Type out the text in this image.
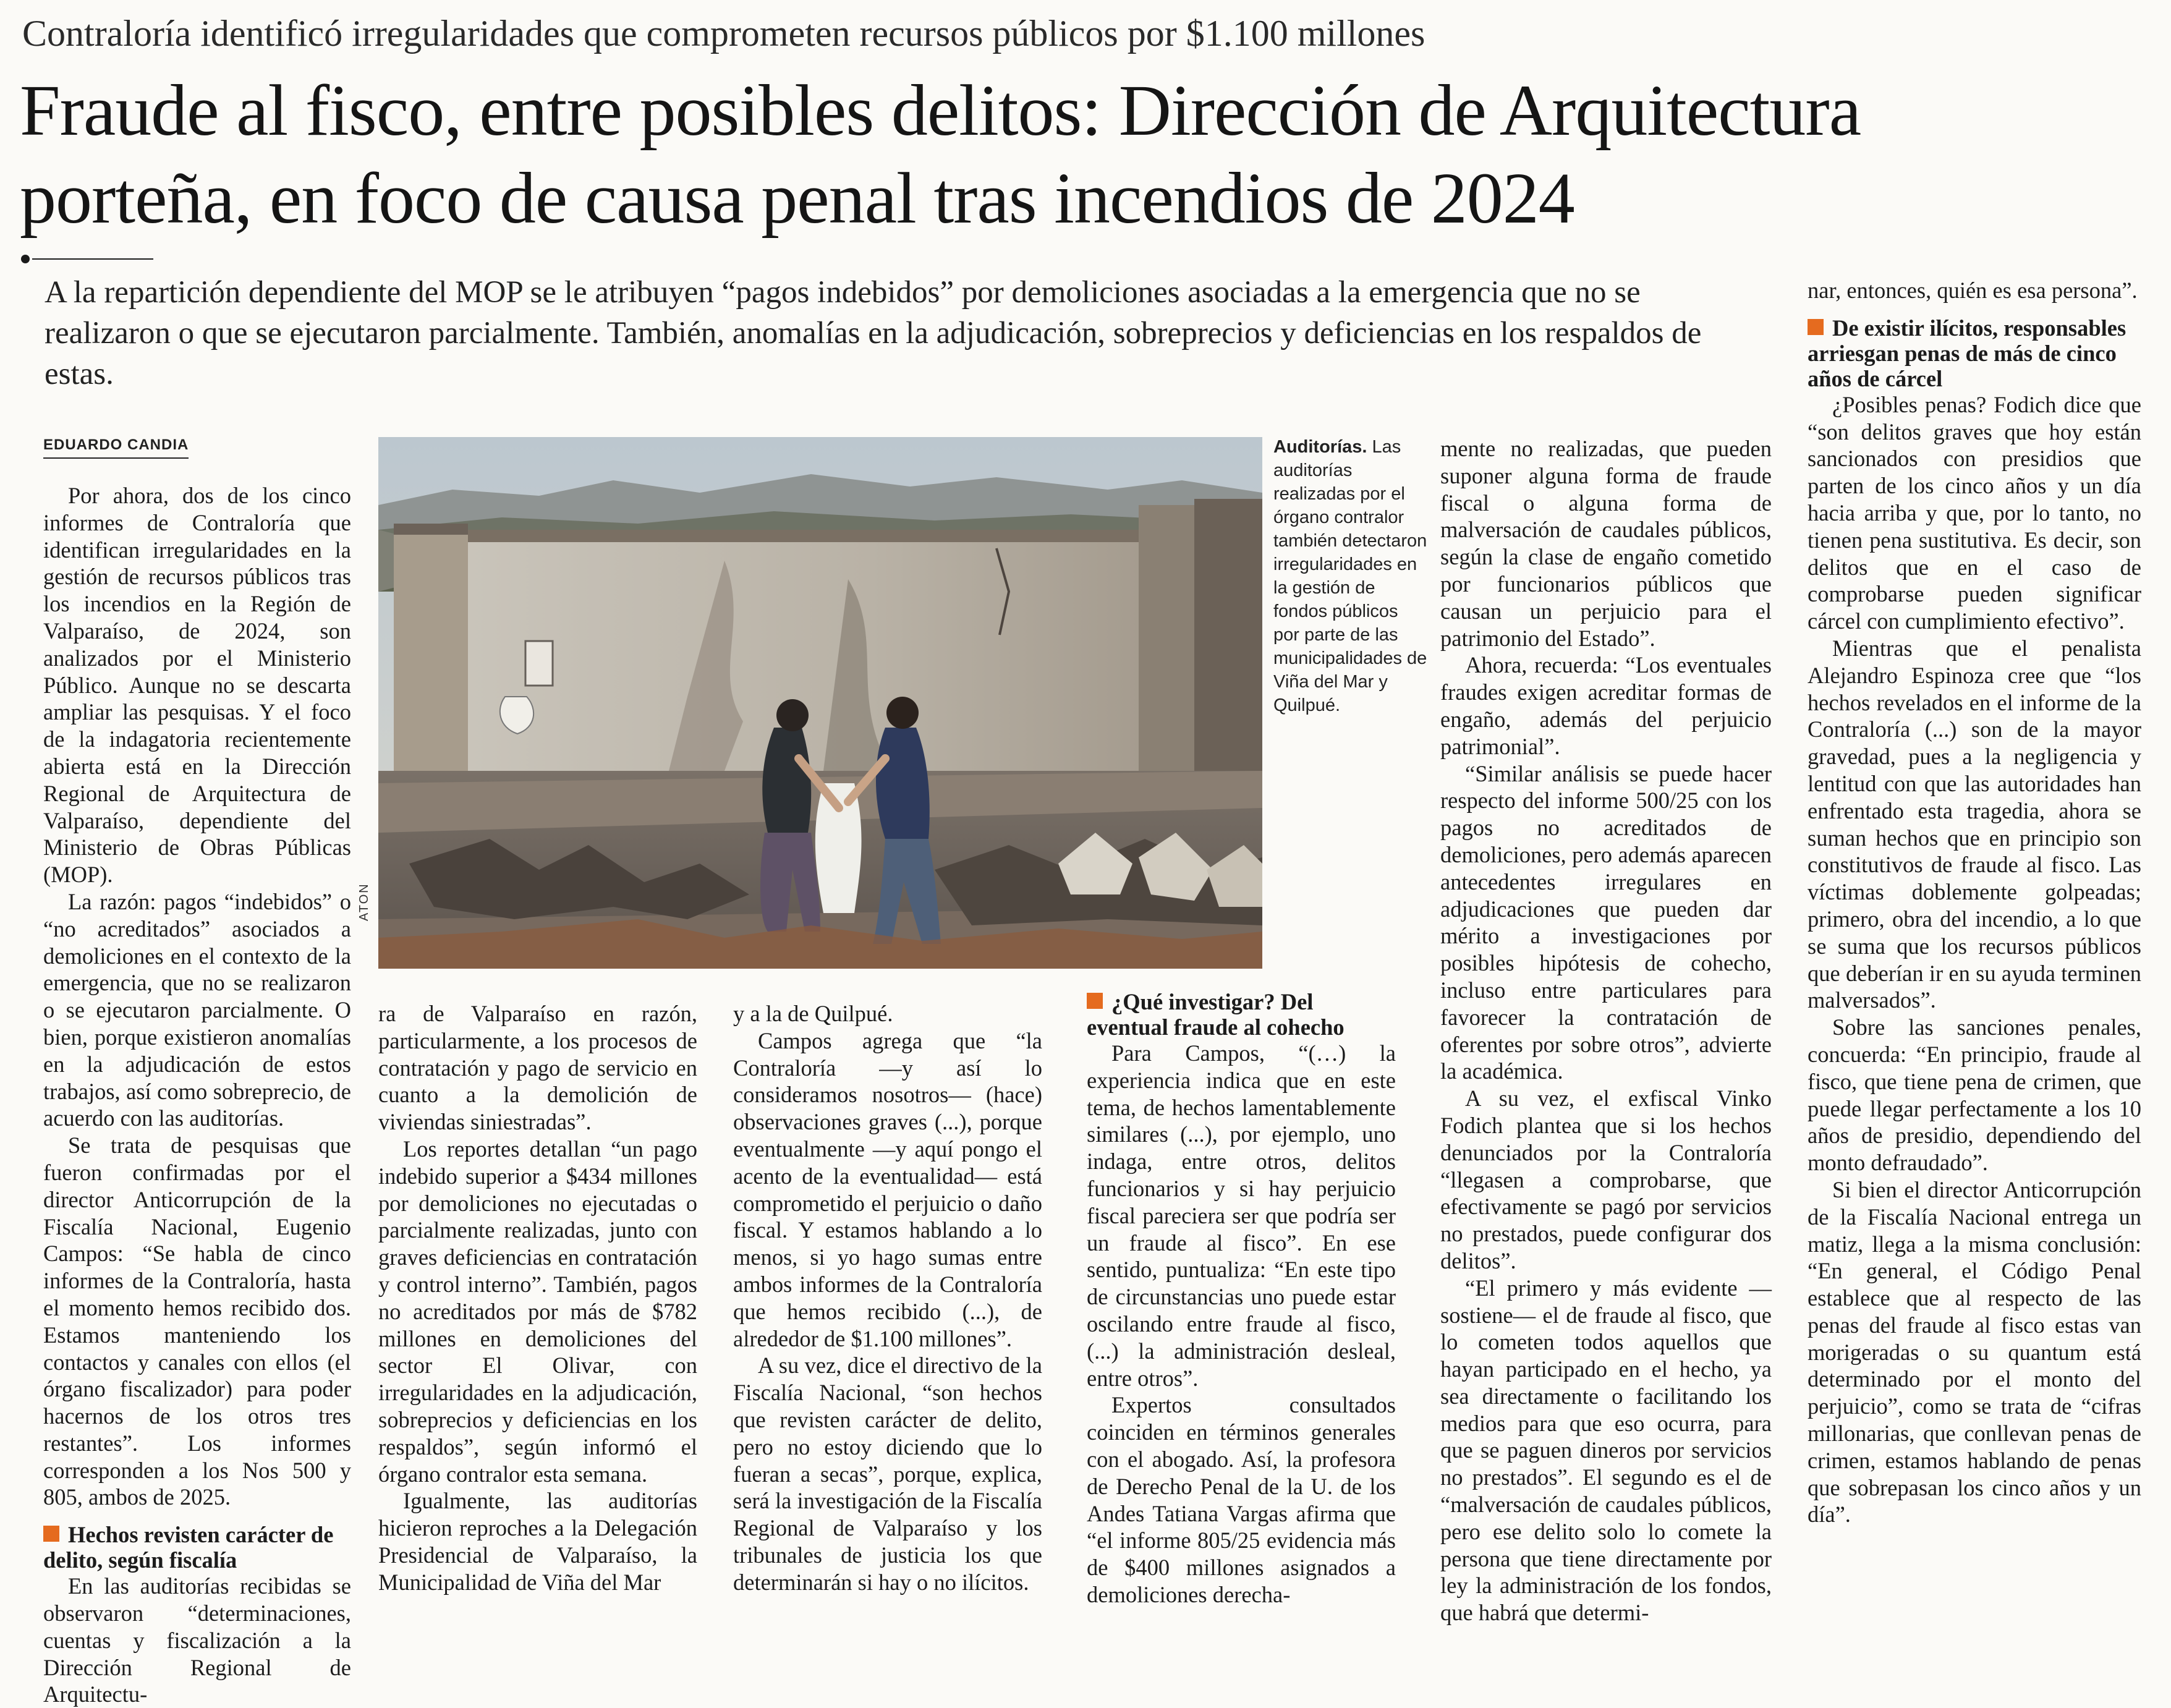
Contraloría identificó irregularidades que comprometen recursos públicos por $1.100 millones
Fraude al fisco, entre posibles delitos: Dirección de Arquitectura
porteña, en foco de causa penal tras incendios de 2024
A la repartición dependiente del MOP se le atribuyen “pagos indebidos” por demoliciones asociadas a la emergencia que no se realizaron o que se ejecutaron parcialmente. También, anomalías en la adjudicación, sobreprecios y deficiencias en los respaldos de estas.
EDUARDO CANDIA
ATON
Auditorías. Las auditorías realizadas por el órgano contralor también detectaron irregularidades en la gestión de fondos públicos por parte de las municipalidades de Viña del Mar y Quilpué.

Por ahora, dos de los cinco informes de Contraloría que identifican irregularidades en la gestión de recursos públicos tras los incendios en la Región de Valparaíso, de 2024, son analizados por el Ministerio Público. Aunque no se descarta ampliar las pesquisas. Y el foco de la indagatoria recientemente abierta está en la Dirección Regional de Arquitectura de Valparaíso, dependiente del Ministerio de Obras Públicas (MOP).

La razón: pagos “indebidos” o “no acreditados” asociados a demoliciones en el contexto de la emergencia, que no se realizaron o se ejecutaron parcialmente. O bien, porque existieron anomalías en la adjudicación de estos trabajos, así como sobreprecio, de acuerdo con las auditorías.

Se trata de pesquisas que fueron confirmadas por el director Anticorrupción de la Fiscalía Nacional, Eugenio Campos: “Se habla de cinco informes de la Contraloría, hasta el momento hemos recibido dos. Estamos manteniendo los contactos y canales con ellos (el órgano fiscalizador) para poder hacernos de los otros tres restantes”. Los informes corresponden a los Nos 500 y 805, ambos de 2025.

Hechos revisten carácter de delito, según fiscalía

En las auditorías recibidas se observaron “determinaciones, cuentas y fiscalización a la Dirección Regional de Arquitectu-

ra de Valparaíso en razón, particularmente, a los procesos de contratación y pago de servicio en cuanto a la demolición de viviendas siniestradas”.

Los reportes detallan “un pago indebido superior a $434 millones por demoliciones no ejecutadas o parcialmente realizadas, junto con graves deficiencias en contratación y control interno”. También, pagos no acreditados por más de $782 millones en demoliciones del sector El Olivar, con irregularidades en la adjudicación, sobreprecios y deficiencias en los respaldos”, según informó el órgano contralor esta semana.

Igualmente, las auditorías hicieron reproches a la Delegación Presidencial de Valparaíso, la Municipalidad de Viña del Mar

y a la de Quilpué.

Campos agrega que “la Contraloría —y así lo consideramos nosotros— (hace) observaciones graves (...), porque eventualmente —y aquí pongo el acento de la eventualidad— está comprometido el perjuicio o daño fiscal. Y estamos hablando a lo menos, si yo hago sumas entre ambos informes de la Contraloría que hemos recibido (...), de alrededor de $1.100 millones”.

A su vez, dice el directivo de la Fiscalía Nacional, “son hechos que revisten carácter de delito, pero no estoy diciendo que lo fueran a secas”, porque, explica, será la investigación de la Fiscalía Regional de Valparaíso y los tribunales de justicia los que determinarán si hay o no ilícitos.

¿Qué investigar? Del eventual fraude al cohecho

Para Campos, “(…) la experiencia indica que en este tema, de hechos lamentablemente similares (...), por ejemplo, uno indaga, entre otros, delitos funcionarios y si hay perjuicio fiscal pareciera ser que podría ser un fraude al fisco”. En ese sentido, puntualiza: “En este tipo de circunstancias uno puede estar oscilando entre fraude al fisco, (...) la administración desleal, entre otros”.

Expertos consultados coinciden en términos generales con el abogado. Así, la profesora de Derecho Penal de la U. de los Andes Tatiana Vargas afirma que “el informe 805/25 evidencia más de $400 millones asignados a demoliciones derecha-

mente no realizadas, que pueden suponer alguna forma de fraude fiscal o alguna forma de malversación de caudales públicos, según la clase de engaño cometido por funcionarios públicos que causan un perjuicio para el patrimonio del Estado”.

Ahora, recuerda: “Los eventuales fraudes exigen acreditar formas de engaño, además del perjuicio patrimonial”.

“Similar análisis se puede hacer respecto del informe 500/25 con los pagos no acreditados de demoliciones, pero además aparecen antecedentes irregulares en adjudicaciones que pueden dar mérito a investigaciones por posibles hipótesis de cohecho, incluso entre particulares para favorecer la contratación de oferentes por sobre otros”, advierte la académica.

A su vez, el exfiscal Vinko Fodich plantea que si los hechos denunciados por la Contraloría “llegasen a comprobarse, que efectivamente se pagó por servicios no prestados, puede configurar dos delitos”.

“El primero y más evidente —sostiene— el de fraude al fisco, que lo cometen todos aquellos que hayan participado en el hecho, ya sea directamente o facilitando los medios para que eso ocurra, para que se paguen dineros por servicios no prestados”. El segundo es el de “malversación de caudales públicos, pero ese delito solo lo comete la persona que tiene directamente por ley la administración de los fondos, que habrá que determi-

nar, entonces, quién es esa persona”.

De existir ilícitos, responsables arriesgan penas de más de cinco años de cárcel

¿Posibles penas? Fodich dice que “son delitos graves que hoy están sancionados con presidios que parten de los cinco años y un día hacia arriba y que, por lo tanto, no tienen pena sustitutiva. Es decir, son delitos que en el caso de comprobarse pueden significar cárcel con cumplimiento efectivo”.

Mientras que el penalista Alejandro Espinoza cree que “los hechos revelados en el informe de la Contraloría (...) son de la mayor gravedad, pues a la negligencia y lentitud con que las autoridades han enfrentado esta tragedia, ahora se suman hechos que en principio son constitutivos de fraude al fisco. Las víctimas doblemente golpeadas; primero, obra del incendio, a lo que se suma que los recursos públicos que deberían ir en su ayuda terminen malversados”.

Sobre las sanciones penales, concuerda: “En principio, fraude al fisco, que tiene pena de crimen, que puede llegar perfectamente a los 10 años de presidio, dependiendo del monto defraudado”.

Si bien el director Anticorrupción de la Fiscalía Nacional entrega un matiz, llega a la misma conclusión: “En general, el Código Penal establece que al respecto de las penas del fraude al fisco estas van morigeradas o su quantum está determinado por el monto del perjuicio”, como se trata de “cifras millonarias, que conllevan penas de crimen, estamos hablando de penas que sobrepasan los cinco años y un día”.
